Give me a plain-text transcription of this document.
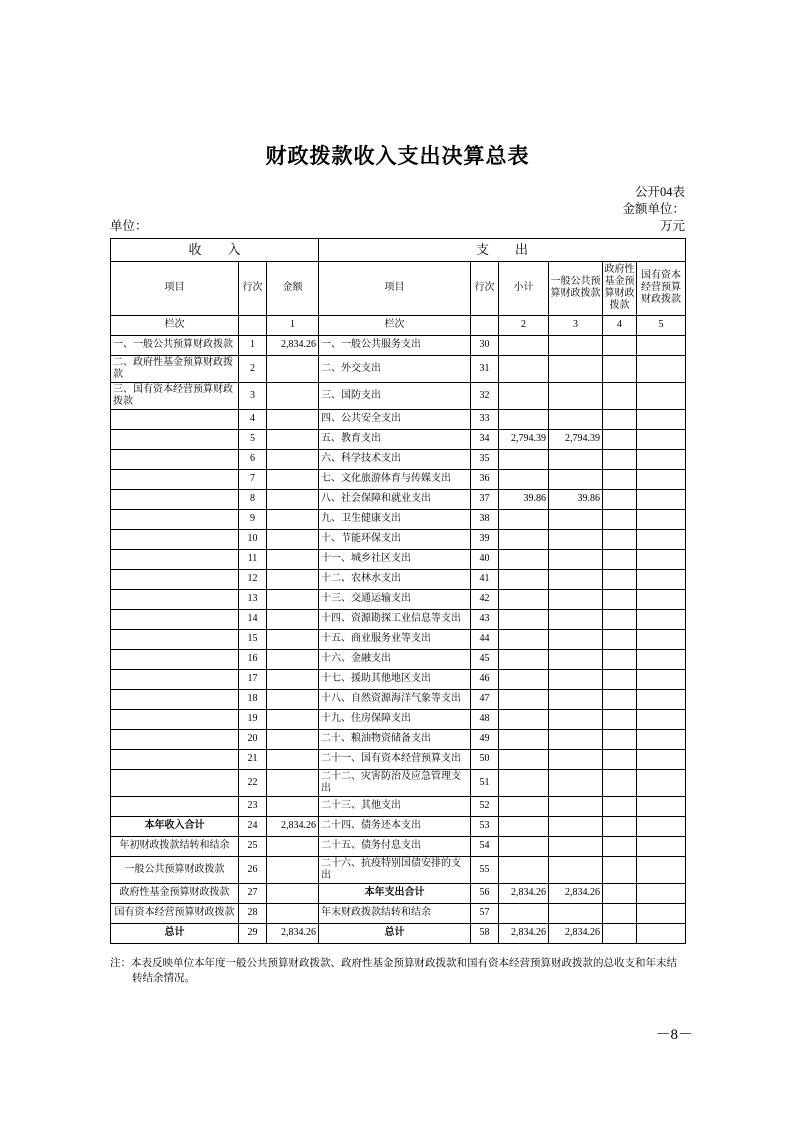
财政拨款收入支出决算总表
公开04表
金额单位：
单位：	万元
收　　入			支　　出					
项目	行次	金额	项目	行次	小计	一般公共预算财政拨款	政府性基金预算财政拨款	国有资本经营预算财政拨款
栏次		1	栏次		2	3	4	5
一、一般公共预算财政拨款	1	2,834.26	一、一般公共服务支出	30				
二、政府性基金预算财政拨款	2		二、外交支出	31				
三、国有资本经营预算财政拨款	3		三、国防支出	32				
	4		四、公共安全支出	33				
	5		五、教育支出	34	2,794.39	2,794.39		
	6		六、科学技术支出	35				
	7		七、文化旅游体育与传媒支出	36				
	8		八、社会保障和就业支出	37	39.86	39.86		
	9		九、卫生健康支出	38				
	10		十、节能环保支出	39				
	11		十一、城乡社区支出	40				
	12		十二、农林水支出	41				
	13		十三、交通运输支出	42				
	14		十四、资源勘探工业信息等支出	43				
	15		十五、商业服务业等支出	44				
	16		十六、金融支出	45				
	17		十七、援助其他地区支出	46				
	18		十八、自然资源海洋气象等支出	47				
	19		十九、住房保障支出	48				
	20		二十、粮油物资储备支出	49				
	21		二十一、国有资本经营预算支出	50				
	22		二十二、灾害防治及应急管理支出	51				
	23		二十三、其他支出	52				
本年收入合计	24	2,834.26	二十四、债务还本支出	53				
年初财政拨款结转和结余	25		二十五、债务付息支出	54				
一般公共预算财政拨款	26		二十六、抗疫特别国债安排的支出	55				
政府性基金预算财政拨款	27		本年支出合计	56	2,834.26	2,834.26		
国有资本经营预算财政拨款	28		年末财政拨款结转和结余	57				
总计	29	2,834.26	总计	58	2,834.26	2,834.26		
注：本表反映单位本年度一般公共预算财政拨款、政府性基金预算财政拨款和国有资本经营预算财政拨款的总收支和年末结转结余情况。
－8－
